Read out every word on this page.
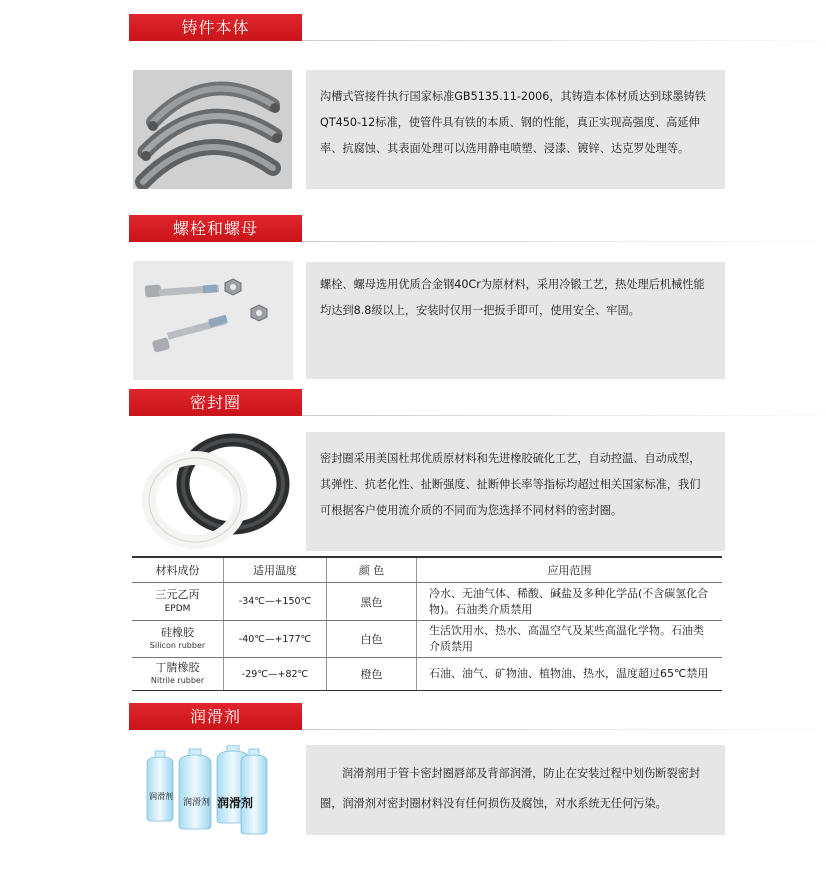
铸件本体
沟槽式管接件执行国家标准GB5135.11-2006，其铸造本体材质达到球墨铸铁QT450-12标准，使管件具有铁的本质、钢的性能，真正实现高强度、高延伸率、抗腐蚀、其表面处理可以选用静电喷塑、浸漆、镀锌、达克罗处理等。
螺栓和螺母
螺栓、螺母选用优质合金钢40Cr为原材料，采用冷锻工艺，热处理后机械性能均达到8.8级以上，安装时仅用一把扳手即可，使用安全、牢固。
密封圈
密封圈采用美国杜邦优质原材料和先进橡胶硫化工艺，自动控温、自动成型，其弹性、抗老化性、扯断强度、扯断伸长率等指标均超过相关国家标准，我们可根据客户使用流介质的不同而为您选择不同材料的密封圈。
材料成份	适用温度	颜 色	应用范围
三元乙丙
EPDM	-34℃—+150℃	黑色	冷水、无油气体、稀酸、碱盐及多种化学品(不含碳氢化合物)。石油类介质禁用
硅橡胶
Silicon rubber	-40℃—+177℃	白色	生活饮用水、热水、高温空气及某些高温化学物。石油类介质禁用
丁腈橡胶
Nitrile rubber	-29℃—+82℃	橙色	石油、油气、矿物油、植物油、热水，温度超过65℃禁用
润滑剂
润滑剂
润滑剂 润滑剂
润滑剂用于管卡密封圈唇部及背部润滑，防止在安装过程中划伤断裂密封圈，润滑剂对密封圈材料没有任何损伤及腐蚀，对水系统无任何污染。
